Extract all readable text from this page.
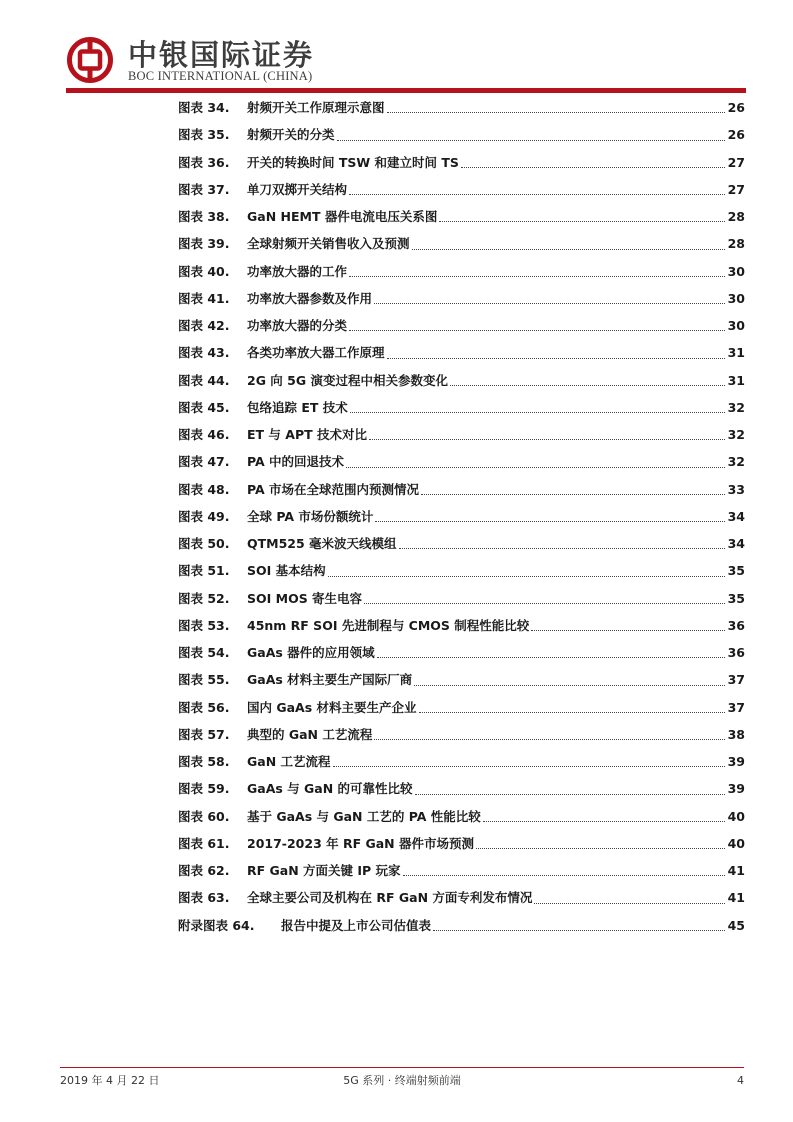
中银国际证券
BOC INTERNATIONAL (CHINA)
图表 34.	射频开关工作原理示意图	26
图表 35.	射频开关的分类	26
图表 36.	开关的转换时间 TSW 和建立时间 TS	27
图表 37.	单刀双掷开关结构	27
图表 38.	GaN HEMT 器件电流电压关系图	28
图表 39.	全球射频开关销售收入及预测	28
图表 40.	功率放大器的工作	30
图表 41.	功率放大器参数及作用	30
图表 42.	功率放大器的分类	30
图表 43.	各类功率放大器工作原理	31
图表 44.	2G 向 5G 演变过程中相关参数变化	31
图表 45.	包络追踪 ET 技术	32
图表 46.	ET 与 APT 技术对比	32
图表 47.	PA 中的回退技术	32
图表 48.	PA 市场在全球范围内预测情况	33
图表 49.	全球 PA 市场份额统计	34
图表 50.	QTM525 毫米波天线模组	34
图表 51.	SOI 基本结构	35
图表 52.	SOI MOS 寄生电容	35
图表 53.	45nm RF SOI 先进制程与 CMOS 制程性能比较	36
图表 54.	GaAs 器件的应用领域	36
图表 55.	GaAs 材料主要生产国际厂商	37
图表 56.	国内 GaAs 材料主要生产企业	37
图表 57.	典型的 GaN 工艺流程	38
图表 58.	GaN 工艺流程	39
图表 59.	GaAs 与 GaN 的可靠性比较	39
图表 60.	基于 GaAs 与 GaN 工艺的 PA 性能比较	40
图表 61.	2017-2023 年 RF GaN 器件市场预测	40
图表 62.	RF GaN 方面关键 IP 玩家	41
图表 63.	全球主要公司及机构在 RF GaN 方面专利发布情况	41
附录图表 64.	报告中提及上市公司估值表	45
2019 年 4 月 22 日	5G 系列 · 终端射频前端	4
